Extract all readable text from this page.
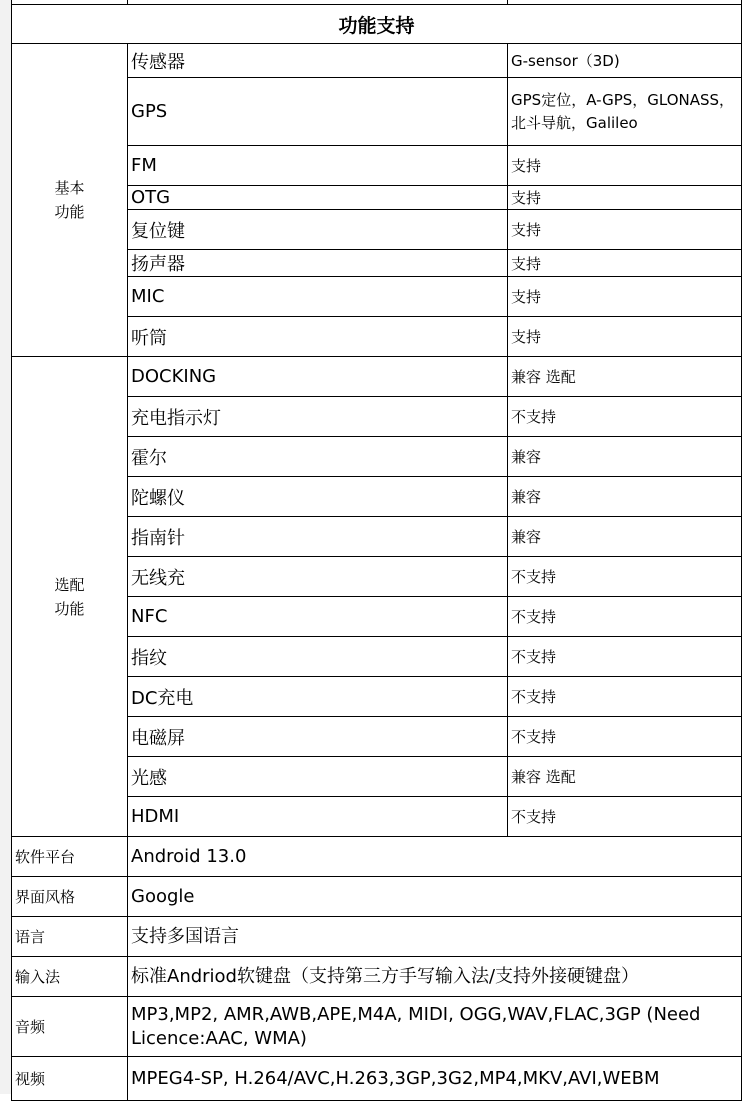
功能支持		

基本
功能	传感器	G-sensor（3D)
	GPS	GPS定位，A-GPS，GLONASS，北斗导航，Galileo
	FM	支持
	OTG	支持
	复位键	支持
	扬声器	支持
	MIC	支持
	听筒	支持

选配
功能	DOCKING	兼容 选配
	充电指示灯	不支持
	霍尔	兼容
	陀螺仪	兼容
	指南针	兼容
	无线充	不支持
	NFC	不支持
	指纹	不支持
	DC充电	不支持
	电磁屏	不支持
	光感	兼容 选配
	HDMI	不支持
软件平台	Android 13.0	
界面风格	Google	
语言	支持多国语言	
输入法	标准Andriod软键盘（支持第三方手写输入法/支持外接硬键盘）	
音频	MP3,MP2, AMR,AWB,APE,M4A, MIDI, OGG,WAV,FLAC,3GP (Need Licence:AAC, WMA)	
视频	MPEG4-SP, H.264/AVC,H.263,3GP,3G2,MP4,MKV,AVI,WEBM	
